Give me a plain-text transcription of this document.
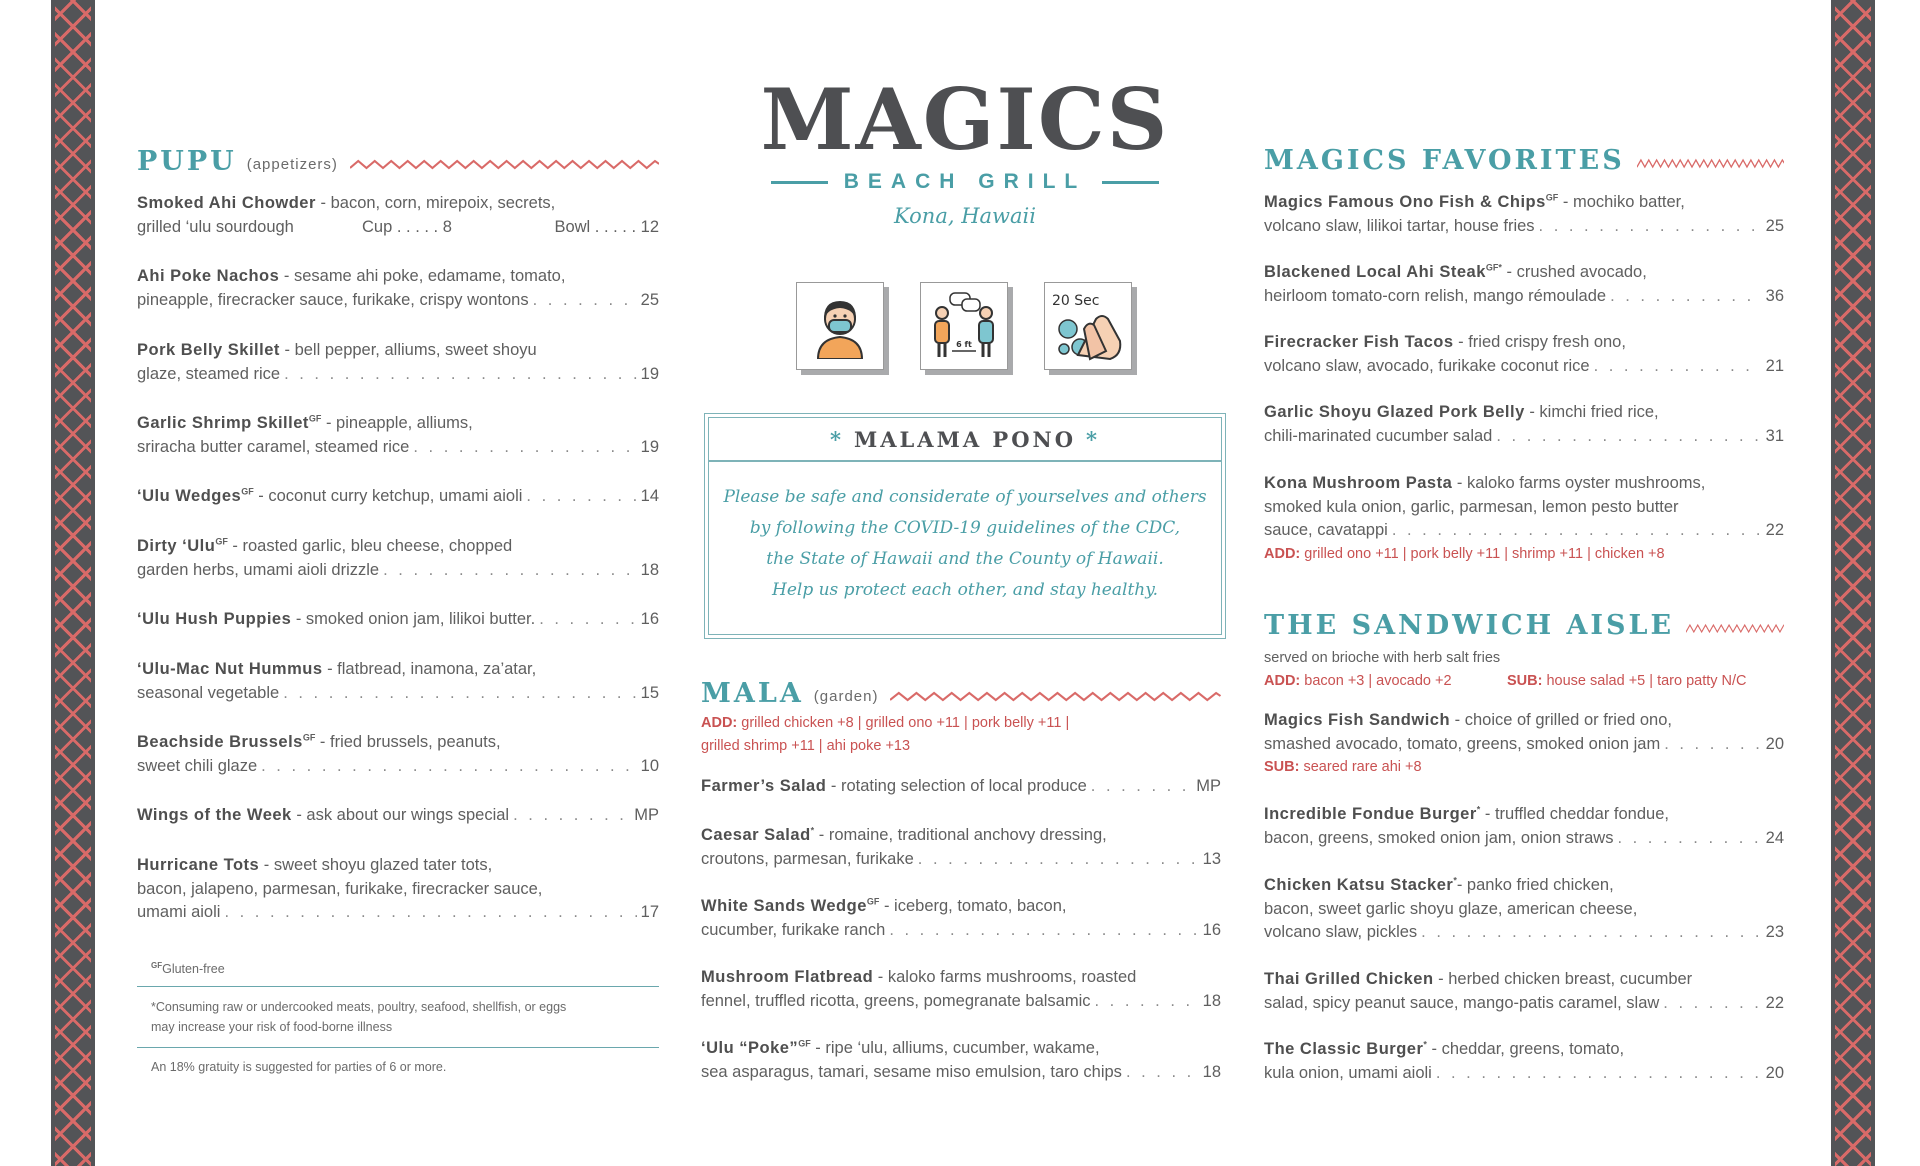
PUPU (appetizers)
Smoked Ahi Chowder - bacon, corn, mirepoix, secrets,
grilled ‘ulu sourdough	Cup . . . . . 8	Bowl . . . . . 12
Ahi Poke Nachos - sesame ahi poke, edamame, tomato,
pineapple, firecracker sauce, furikake, crispy wontons . . .	25
Pork Belly Skillet - bell pepper, alliums, sweet shoyu
glaze, steamed rice . . .	19
Garlic Shrimp Skillet$^{GF}$ - pineapple, alliums,
sriracha butter caramel, steamed rice . . .	19
‘Ulu Wedges$^{GF}$ - coconut curry ketchup, umami aioli . . .	14
Dirty ‘Ulu$^{GF}$ - roasted garlic, bleu cheese, chopped
garden herbs, umami aioli drizzle . . .	18
‘Ulu Hush Puppies - smoked onion jam, lilikoi butter. . . .	16
‘Ulu-Mac Nut Hummus - flatbread, inamona, za’atar,
seasonal vegetable . . .	15
Beachside Brussels$^{GF}$ - fried brussels, peanuts,
sweet chili glaze . . .	10
Wings of the Week - ask about our wings special . . .	MP
Hurricane Tots - sweet shoyu glazed tater tots,
bacon, jalapeno, parmesan, furikake, firecracker sauce,
umami aioli . . .	17
$^{GF}$Gluten-free
*Consuming raw or undercooked meats, poultry, seafood, shellfish, or eggs
may increase your risk of food-borne illness
An 18% gratuity is suggested for parties of 6 or more.
MAGICS
BEACH GRILL
Kona, Hawaii
6 ft
20 Sec
* MALAMA PONO *
Please be safe and considerate of yourselves and others
by following the COVID-19 guidelines of the CDC,
the State of Hawaii and the County of Hawaii.
Help us protect each other, and stay healthy.
MALA (garden)
ADD: grilled chicken +8 | grilled ono +11 | pork belly +11 |
grilled shrimp +11 | ahi poke +13
Farmer’s Salad - rotating selection of local produce . . .	MP
Caesar Salad* - romaine, traditional anchovy dressing,
croutons, parmesan, furikake . . .	13
White Sands Wedge$^{GF}$ - iceberg, tomato, bacon,
cucumber, furikake ranch . . .	16
Mushroom Flatbread - kaloko farms mushrooms, roasted
fennel, truffled ricotta, greens, pomegranate balsamic . . .	18
‘Ulu “Poke”$^{GF}$ - ripe ‘ulu, alliums, cucumber, wakame,
sea asparagus, tamari, sesame miso emulsion, taro chips . . .	18
MAGICS FAVORITES
Magics Famous Ono Fish & Chips$^{GF}$ - mochiko batter,
volcano slaw, lilikoi tartar, house fries . . .	25
Blackened Local Ahi Steak$^{GF*}$ - crushed avocado,
heirloom tomato-corn relish, mango rémoulade . . .	36
Firecracker Fish Tacos - fried crispy fresh ono,
volcano slaw, avocado, furikake coconut rice . . .	21
Garlic Shoyu Glazed Pork Belly - kimchi fried rice,
chili-marinated cucumber salad . . .	31
Kona Mushroom Pasta - kaloko farms oyster mushrooms,
smoked kula onion, garlic, parmesan, lemon pesto butter
sauce, cavatappi . . .	22
ADD: grilled ono +11 | pork belly +11 | shrimp +11 | chicken +8
THE SANDWICH AISLE
served on brioche with herb salt fries
ADD: bacon +3 | avocado +2	SUB: house salad +5 | taro patty N/C
Magics Fish Sandwich - choice of grilled or fried ono,
smashed avocado, tomato, greens, smoked onion jam . . .	20
SUB: seared rare ahi +8
Incredible Fondue Burger* - truffled cheddar fondue,
bacon, greens, smoked onion jam, onion straws . . .	24
Chicken Katsu Stacker*- panko fried chicken,
bacon, sweet garlic shoyu glaze, american cheese,
volcano slaw, pickles . . .	23
Thai Grilled Chicken - herbed chicken breast, cucumber
salad, spicy peanut sauce, mango-patis caramel, slaw . . .	22
The Classic Burger* - cheddar, greens, tomato,
kula onion, umami aioli . . .	20
